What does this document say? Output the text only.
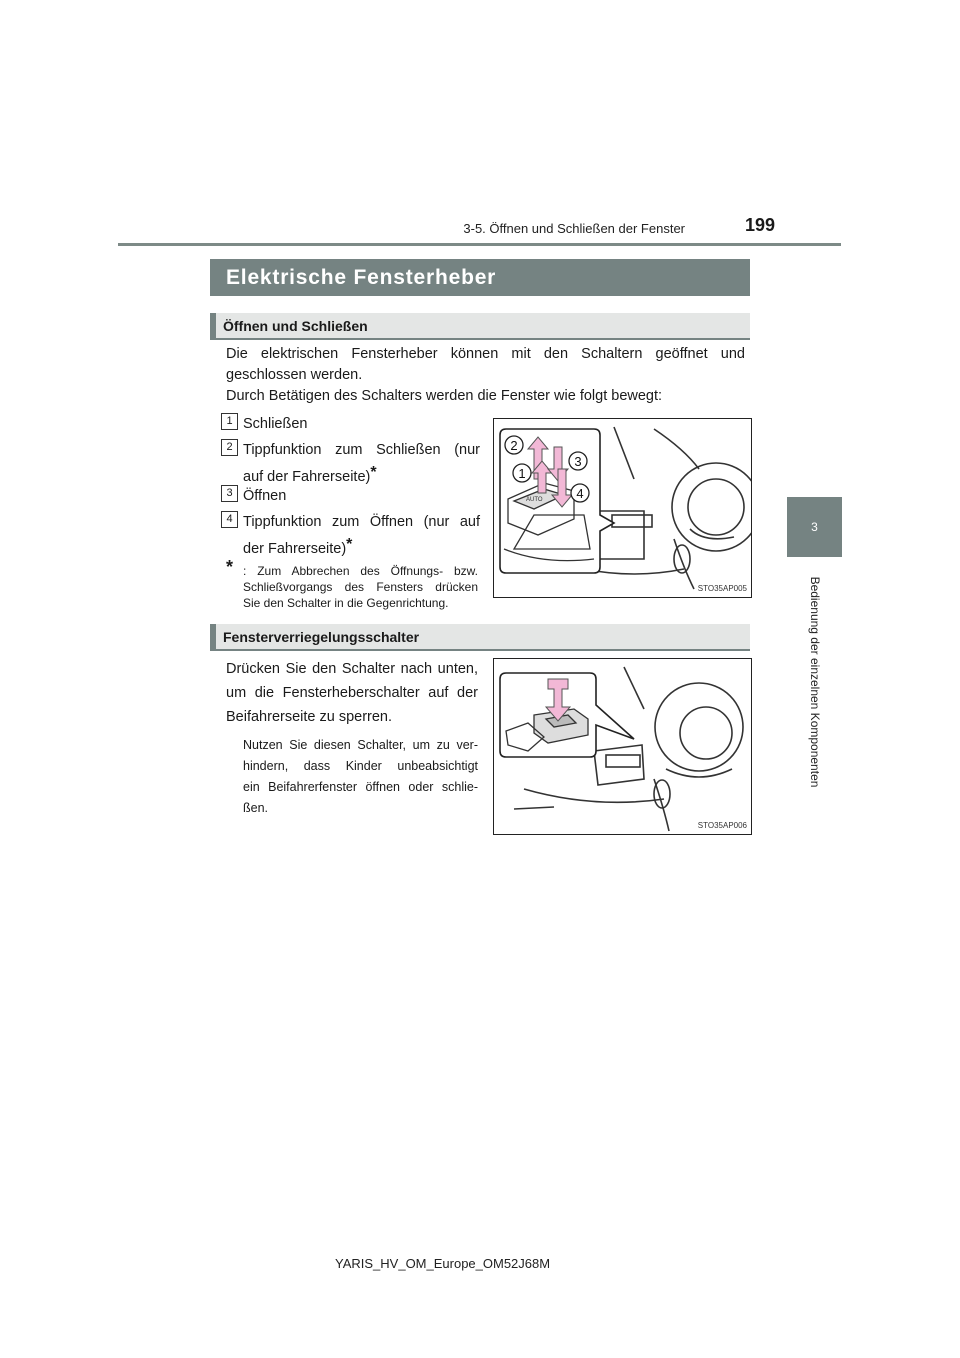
3-5. Öffnen und Schließen der Fenster	199
3
Bedienung der einzelnen Komponenten
Elektrische Fensterheber
Öffnen und Schließen
Die elektrischen Fensterheber können mit den Schaltern geöffnet und
geschlossen werden.
Durch Betätigen des Schalters werden die Fenster wie folgt bewegt:
1 Schließen
2 Tippfunktion zum Schließen (nur
auf der Fahrerseite)*
3 Öffnen
4 Tippfunktion zum Öffnen (nur auf
der Fahrerseite)*
* : Zum Abbrechen des Öffnungs- bzw.
Schließvorgangs des Fensters drücken
Sie den Schalter in die Gegenrichtung.
AUTO
2
1
3
4
STO35AP005
Fensterverriegelungsschalter
Drücken Sie den Schalter nach unten,
um die Fensterheberschalter auf der
Beifahrerseite zu sperren.
Nutzen Sie diesen Schalter, um zu ver-
hindern, dass Kinder unbeabsichtigt
ein Beifahrerfenster öffnen oder schlie-
ßen.
STO35AP006
YARIS_HV_OM_Europe_OM52J68M
